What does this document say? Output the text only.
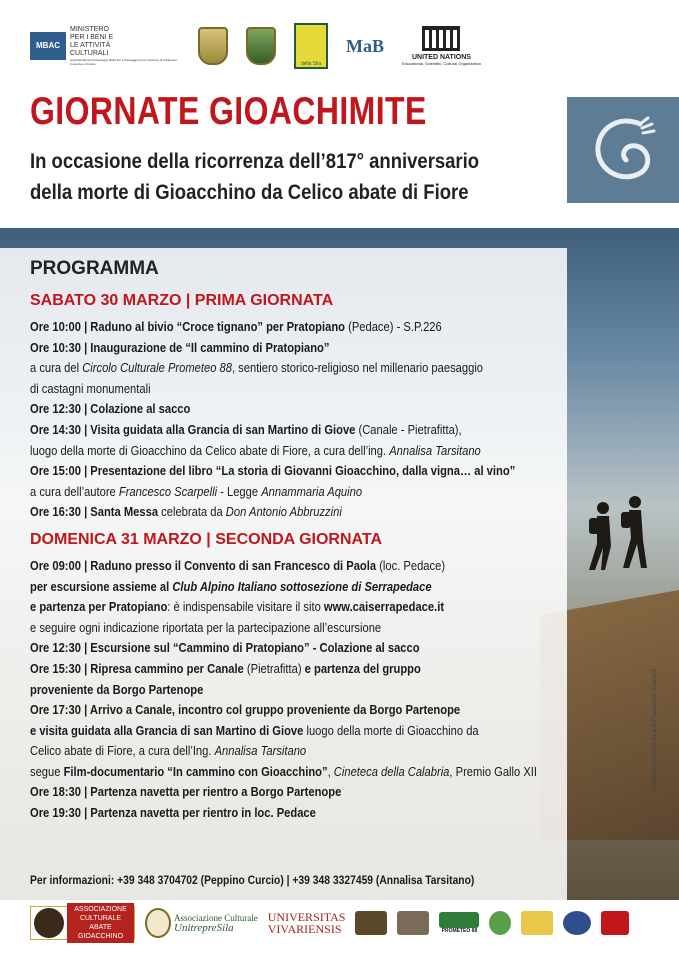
MBAC
MINISTERO
PER I BENI E
LE ATTIVITÀ
CULTURALI
Soprintendenza Archeologia, Belle Arti e Paesaggio per le province di Catanzaro, Cosenza e Crotone	della Sila
MaB
UNITED NATIONS
Educational, Scientific, Cultural Organization
GIORNATE GIOACHIMITE
In occasione della ricorrenza dell’817° anniversario
della morte di Gioacchino da Celico abate di Fiore
PROGRAMMA
SABATO 30 MARZO | PRIMA GIORNATA
Ore 10:00 | Raduno al bivio “Croce tignano” per Pratopiano (Pedace) - S.P.226
Ore 10:30 | Inaugurazione de “Il cammino di Pratopiano”
a cura del Circolo Culturale Prometeo 88, sentiero storico-religioso nel millenario paesaggio
di castagni monumentali
Ore 12:30 | Colazione al sacco
Ore 14:30 | Visita guidata alla Grancia di san Martino di Giove (Canale - Pietrafitta),
luogo della morte di Gioacchino da Celico abate di Fiore, a cura dell’ing. Annalisa Tarsitano
Ore 15:00 | Presentazione del libro “La storia di Giovanni Gioacchino, dalla vigna… al vino”
a cura dell’autore Francesco Scarpelli - Legge Annammaria Aquino
Ore 16:30 | Santa Messa celebrata da Don Antonio Abbruzzini
DOMENICA 31 MARZO | SECONDA GIORNATA
Ore 09:00 | Raduno presso il Convento di san Francesco di Paola (loc. Pedace)
per escursione assieme al Club Alpino Italiano sottosezione di Serrapedace
e partenza per Pratopiano: è indispensabile visitare il sito www.caiserrapedace.it
e seguire ogni indicazione riportata per la partecipazione all’escursione
Ore 12:30 | Escursione sul “Cammino di Pratopiano” - Colazione al sacco
Ore 15:30 | Ripresa cammino per Canale (Pietrafitta) e partenza del gruppo
proveniente da Borgo Partenope
Ore 17:30 | Arrivo a Canale, incontro col gruppo proveniente da Borgo Partenope
e visita guidata alla Grancia di san Martino di Giove luogo della morte di Gioacchino da
Celico abate di Fiore, a cura dell’Ing. Annalisa Tarsitano
segue Film-documentario “In cammino con Gioacchino”, Cineteca della Calabria, Premio Gallo XII
Ore 18:30 | Partenza navetta per rientro a Borgo Partenope
Ore 19:30 | Partenza navetta per rientro in loc. Pedace
Per informazioni: +39 348 3704702 (Peppino Curcio) | +39 348 3327459 (Annalisa Tarsitano)
Progetto grafico a cura di Francesco Scarpelli
ASSOCIAZIONE
CULTURALE
ABATE GIOACCHINO
Associazione Culturale
UnitrepreSila
UNIVERSITAS
VIVARIENSIS	PROMETEO 88
